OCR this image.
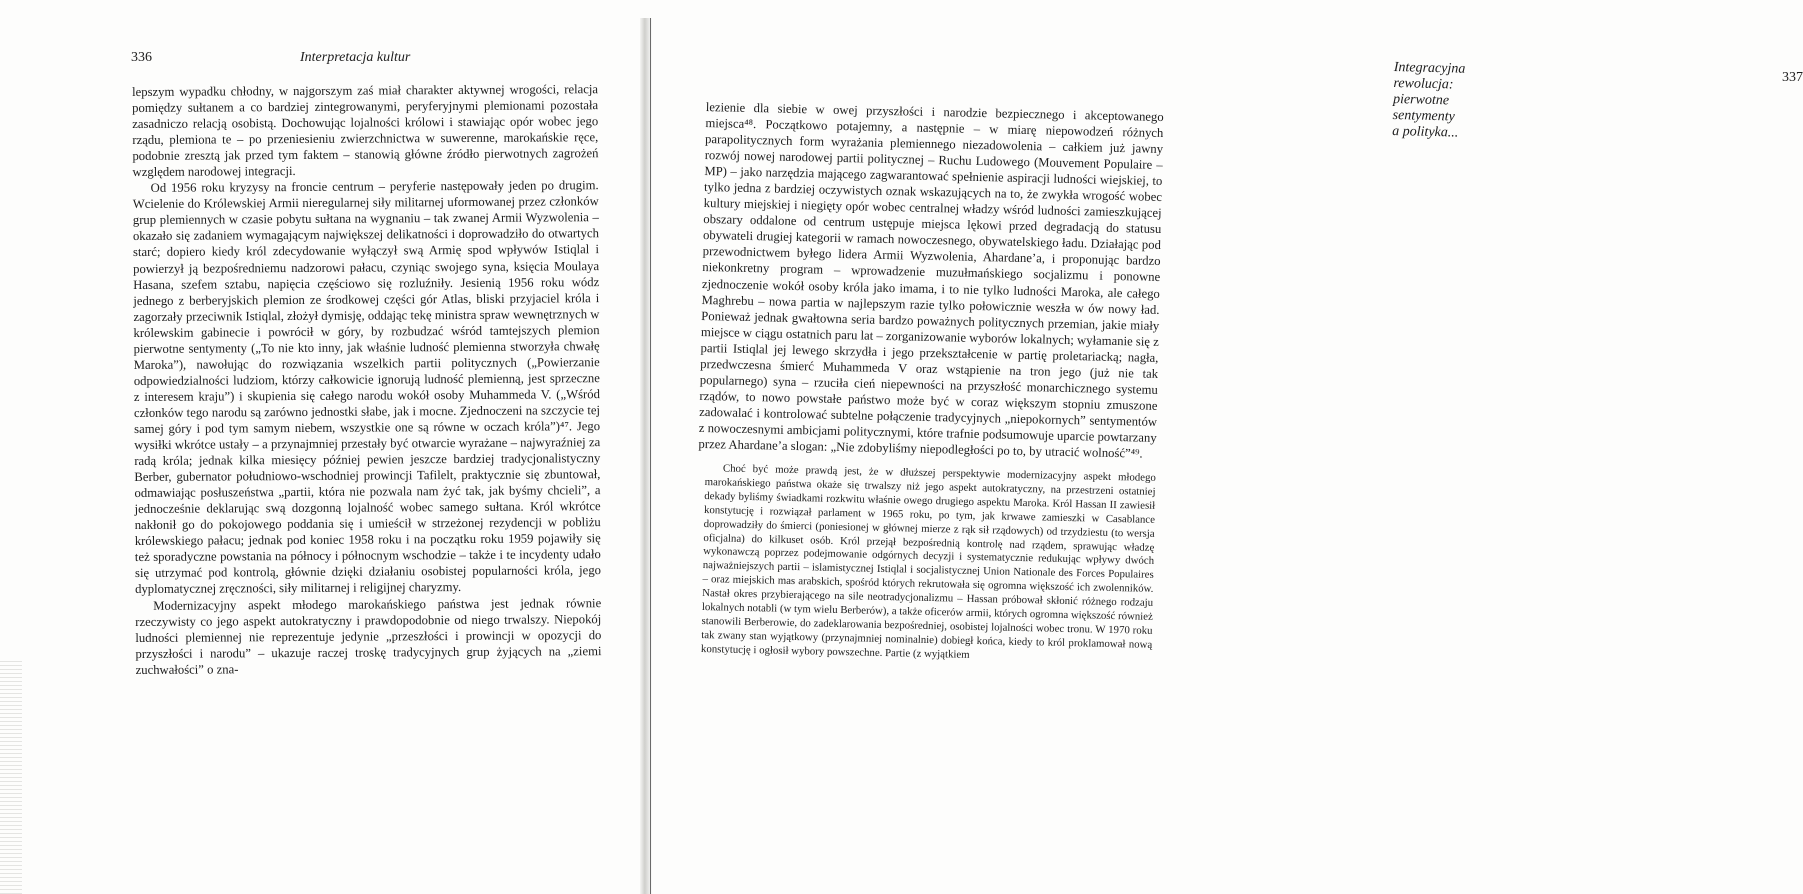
336	Interpretacja kultur

lepszym wypadku chłodny, w najgorszym zaś miał charakter aktywnej wrogości, relacja pomiędzy sułtanem a co bardziej zintegrowanymi, peryferyjnymi plemionami pozostała zasadniczo relacją osobistą. Dochowując lojalności królowi i stawiając opór wobec jego rządu, plemiona te – po przeniesieniu zwierzchnictwa w suwerenne, marokańskie ręce, podobnie zresztą jak przed tym faktem – stanowią główne źródło pierwotnych zagrożeń względem narodowej integracji.

Od 1956 roku kryzysy na froncie centrum – peryferie następowały jeden po drugim. Wcielenie do Królewskiej Armii nieregularnej siły militarnej uformowanej przez członków grup plemiennych w czasie pobytu sułtana na wygnaniu – tak zwanej Armii Wyzwolenia – okazało się zadaniem wymagającym największej delikatności i doprowadziło do otwartych starć; dopiero kiedy król zdecydowanie wyłączył swą Armię spod wpływów Istiqlal i powierzył ją bezpośredniemu nadzorowi pałacu, czyniąc swojego syna, księcia Moulaya Hasana, szefem sztabu, napięcia częściowo się rozluźniły. Jesienią 1956 roku wódz jednego z berberyjskich plemion ze środkowej części gór Atlas, bliski przyjaciel króla i zagorzały przeciwnik Istiqlal, złożył dymisję, oddając tekę ministra spraw wewnętrznych w królewskim gabinecie i powrócił w góry, by rozbudzać wśród tamtejszych plemion pierwotne sentymenty („To nie kto inny, jak właśnie ludność plemienna stworzyła chwałę Maroka”), nawołując do rozwiązania wszelkich partii politycznych („Powierzanie odpowiedzialności ludziom, którzy całkowicie ignorują ludność plemienną, jest sprzeczne z interesem kraju”) i skupienia się całego narodu wokół osoby Muhammeda V. („Wśród członków tego narodu są zarówno jednostki słabe, jak i mocne. Zjednoczeni na szczycie tej samej góry i pod tym samym niebem, wszystkie one są równe w oczach króla”)⁴⁷. Jego wysiłki wkrótce ustały – a przynajmniej przestały być otwarcie wyrażane – najwyraźniej za radą króla; jednak kilka miesięcy później pewien jeszcze bardziej tradycjonalistyczny Berber, gubernator południowo-wschodniej prowincji Tafilelt, praktycznie się zbuntował, odmawiając posłuszeństwa „partii, która nie pozwala nam żyć tak, jak byśmy chcieli”, a jednocześnie deklarując swą dozgonną lojalność wobec samego sułtana. Król wkrótce nakłonił go do pokojowego poddania się i umieścił w strzeżonej rezydencji w pobliżu królewskiego pałacu; jednak pod koniec 1958 roku i na początku roku 1959 pojawiły się też sporadyczne powstania na północy i północnym wschodzie – także i te incydenty udało się utrzymać pod kontrolą, głównie dzięki działaniu osobistej popularności króla, jego dyplomatycznej zręczności, siły militarnej i religijnej charyzmy.

Modernizacyjny aspekt młodego marokańskiego państwa jest jednak równie rzeczywisty co jego aspekt autokratyczny i prawdopodobnie od niego trwalszy. Niepokój ludności plemiennej nie reprezentuje jedynie „przeszłości i prowincji w opozycji do przyszłości i narodu” – ukazuje raczej troskę tradycyjnych grup żyjących na „ziemi zuchwałości” o zna-

Integracyjna rewolucja: pierwotne sentymenty a polityka...
337

lezienie dla siebie w owej przyszłości i narodzie bezpiecznego i akceptowanego miejsca⁴⁸. Początkowo potajemny, a następnie – w miarę niepowodzeń różnych parapolitycznych form wyrażania plemiennego niezadowolenia – całkiem już jawny rozwój nowej narodowej partii politycznej – Ruchu Ludowego (Mouvement Populaire – MP) – jako narzędzia mającego zagwarantować spełnienie aspiracji ludności wiejskiej, to tylko jedna z bardziej oczywistych oznak wskazujących na to, że zwykła wrogość wobec kultury miejskiej i niegięty opór wobec centralnej władzy wśród ludności zamieszkującej obszary oddalone od centrum ustępuje miejsca lękowi przed degradacją do statusu obywateli drugiej kategorii w ramach nowoczesnego, obywatelskiego ładu. Działając pod przewodnictwem byłego lidera Armii Wyzwolenia, Ahardane’a, i proponując bardzo niekonkretny program – wprowadzenie muzułmańskiego socjalizmu i ponowne zjednoczenie wokół osoby króla jako imama, i to nie tylko ludności Maroka, ale całego Maghrebu – nowa partia w najlepszym razie tylko połowicznie weszła w ów nowy ład. Ponieważ jednak gwałtowna seria bardzo poważnych politycznych przemian, jakie miały miejsce w ciągu ostatnich paru lat – zorganizowanie wyborów lokalnych; wyłamanie się z partii Istiqlal jej lewego skrzydła i jego przekształcenie w partię proletariacką; nagła, przedwczesna śmierć Muhammeda V oraz wstąpienie na tron jego (już nie tak popularnego) syna – rzuciła cień niepewności na przyszłość monarchicznego systemu rządów, to nowo powstałe państwo może być w coraz większym stopniu zmuszone zadowalać i kontrolować subtelne połączenie tradycyjnych „niepokornych” sentymentów z nowoczesnymi ambicjami politycznymi, które trafnie podsumowuje uparcie powtarzany przez Ahardane’a slogan: „Nie zdobyliśmy niepodległości po to, by utracić wolność”⁴⁹.

Choć być może prawdą jest, że w dłuższej perspektywie modernizacyjny aspekt młodego marokańskiego państwa okaże się trwalszy niż jego aspekt autokratyczny, na przestrzeni ostatniej dekady byliśmy świadkami rozkwitu właśnie owego drugiego aspektu Maroka. Król Hassan II zawiesił konstytucję i rozwiązał parlament w 1965 roku, po tym, jak krwawe zamieszki w Casablance doprowadziły do śmierci (poniesionej w głównej mierze z rąk sił rządowych) od trzydziestu (to wersja oficjalna) do kilkuset osób. Król przejął bezpośrednią kontrolę nad rządem, sprawując władzę wykonawczą poprzez podejmowanie odgórnych decyzji i systematycznie redukując wpływy dwóch najważniejszych partii – islamistycznej Istiqlal i socjalistycznej Union Nationale des Forces Populaires – oraz miejskich mas arabskich, spośród których rekrutowała się ogromna większość ich zwolenników. Nastał okres przybierającego na sile neotradycjonalizmu – Hassan próbował skłonić różnego rodzaju lokalnych notabli (w tym wielu Berberów), a także oficerów armii, których ogromna większość również stanowili Berberowie, do zadeklarowania bezpośredniej, osobistej lojalności wobec tronu. W 1970 roku tak zwany stan wyjątkowy (przynajmniej nominalnie) dobiegł końca, kiedy to król proklamował nową konstytucję i ogłosił wybory powszechne. Partie (z wyjątkiem
